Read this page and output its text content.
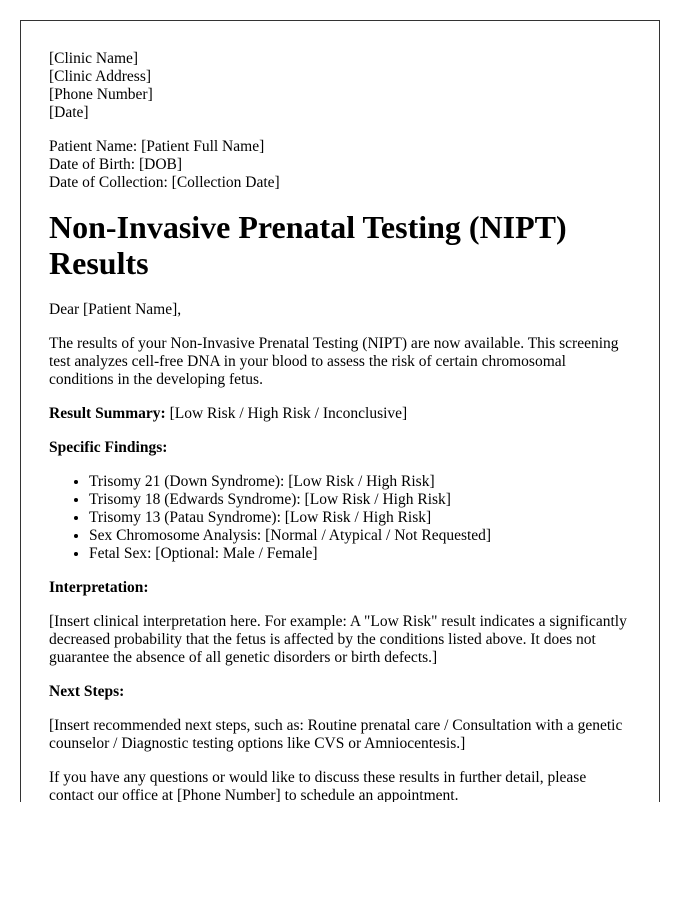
[Clinic Name]
[Clinic Address]
[Phone Number]
[Date]
Patient Name: [Patient Full Name]
Date of Birth: [DOB]
Date of Collection: [Collection Date]
Non-Invasive Prenatal Testing (NIPT) Results

Dear [Patient Name],

The results of your Non-Invasive Prenatal Testing (NIPT) are now available. This screening test analyzes cell-free DNA in your blood to assess the risk of certain chromosomal conditions in the developing fetus.

Result Summary: [Low Risk / High Risk / Inconclusive]

Specific Findings:

• Trisomy 21 (Down Syndrome): [Low Risk / High Risk]
• Trisomy 18 (Edwards Syndrome): [Low Risk / High Risk]
• Trisomy 13 (Patau Syndrome): [Low Risk / High Risk]
• Sex Chromosome Analysis: [Normal / Atypical / Not Requested]
• Fetal Sex: [Optional: Male / Female]

Interpretation:

[Insert clinical interpretation here. For example: A "Low Risk" result indicates a significantly decreased probability that the fetus is affected by the conditions listed above. It does not guarantee the absence of all genetic disorders or birth defects.]

Next Steps:

[Insert recommended next steps, such as: Routine prenatal care / Consultation with a genetic counselor / Diagnostic testing options like CVS or Amniocentesis.]

If you have any questions or would like to discuss these results in further detail, please contact our office at [Phone Number] to schedule an appointment.
